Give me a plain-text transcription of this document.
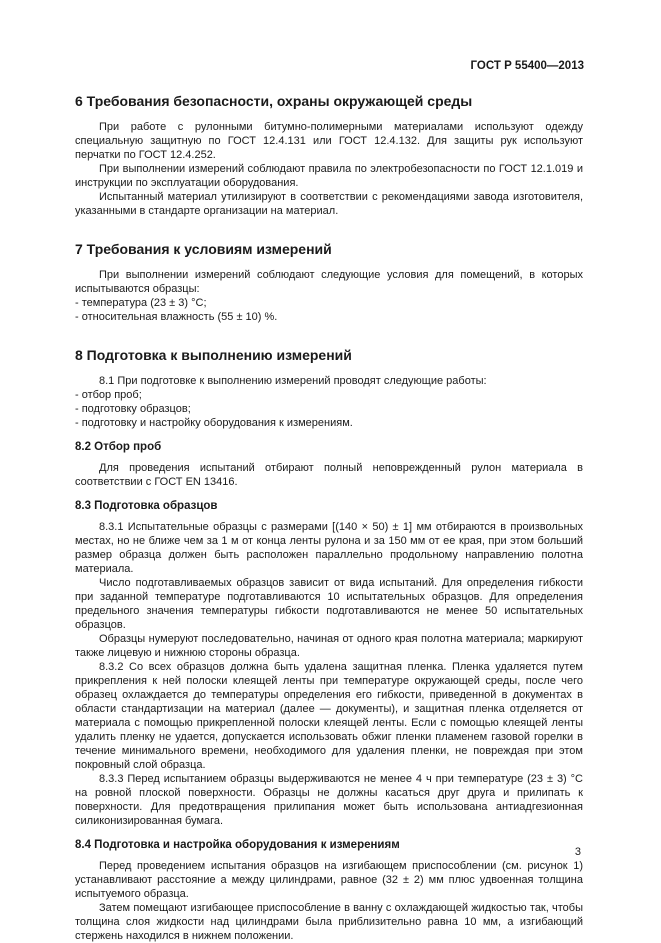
ГОСТ Р 55400—2013
6 Требования безопасности, охраны окружающей среды

При работе с рулонными битумно-полимерными материалами используют одежду специальную защитную по ГОСТ 12.4.131 или ГОСТ 12.4.132. Для защиты рук используют перчатки по ГОСТ 12.4.252.

При выполнении измерений соблюдают правила по электробезопасности по ГОСТ 12.1.019 и инструкции по эксплуатации оборудования.

Испытанный материал утилизируют в соответствии с рекомендациями завода изготовителя, указанными в стандарте организации на материал.

7 Требования к условиям измерений

При выполнении измерений соблюдают следующие условия для помещений, в которых испытываются образцы:

- температура (23 ± 3) °C;

- относительная влажность (55 ± 10) %.

8 Подготовка к выполнению измерений

8.1 При подготовке к выполнению измерений проводят следующие работы:

- отбор проб;

- подготовку образцов;

- подготовку и настройку оборудования к измерениям.

8.2 Отбор проб

Для проведения испытаний отбирают полный неповрежденный рулон материала в соответствии с ГОСТ EN 13416.

8.3 Подготовка образцов

8.3.1 Испытательные образцы с размерами [(140 × 50) ± 1] мм отбираются в произвольных местах, но не ближе чем за 1 м от конца ленты рулона и за 150 мм от ее края, при этом больший размер образца должен быть расположен параллельно продольному направлению полотна материала.

Число подготавливаемых образцов зависит от вида испытаний. Для определения гибкости при заданной температуре подготавливаются 10 испытательных образцов. Для определения предельного значения температуры гибкости подготавливаются не менее 50 испытательных образцов.

Образцы нумеруют последовательно, начиная от одного края полотна материала; маркируют также лицевую и нижнюю стороны образца.

8.3.2 Со всех образцов должна быть удалена защитная пленка. Пленка удаляется путем прикрепления к ней полоски клеящей ленты при температуре окружающей среды, после чего образец охлаждается до температуры определения его гибкости, приведенной в документах в области стандартизации на материал (далее — документы), и защитная пленка отделяется от материала с помощью прикрепленной полоски клеящей ленты. Если с помощью клеящей ленты удалить пленку не удается, допускается использовать обжиг пленки пламенем газовой горелки в течение минимального времени, необходимого для удаления пленки, не повреждая при этом покровный слой образца.

8.3.3 Перед испытанием образцы выдерживаются не менее 4 ч при температуре (23 ± 3) °C на ровной плоской поверхности. Образцы не должны касаться друг друга и прилипать к поверхности. Для предотвращения прилипания может быть использована антиадгезионная силиконизированная бумага.

8.4 Подготовка и настройка оборудования к измерениям

Перед проведением испытания образцов на изгибающем приспособлении (см. рисунок 1) устанавливают расстояние a между цилиндрами, равное (32 ± 2) мм плюс удвоенная толщина испытуемого образца.

Затем помещают изгибающее приспособление в ванну с охлаждающей жидкостью так, чтобы толщина слоя жидкости над цилиндрами была приблизительно равна 10 мм, а изгибающий стержень находился в нижнем положении.

3
